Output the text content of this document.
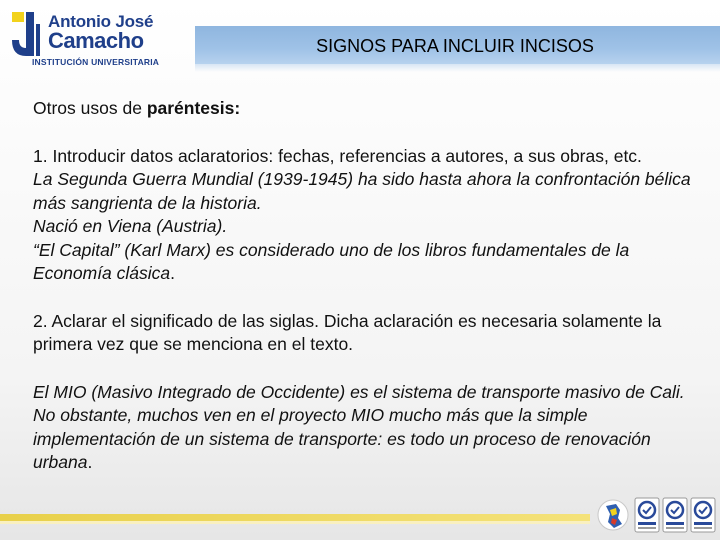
Antonio José
Camacho
INSTITUCIÓN UNIVERSITARIA
SIGNOS PARA INCLUIR INCISOS

Otros usos de paréntesis:

1. Introducir datos aclaratorios: fechas, referencias a autores, a sus obras, etc.

La Segunda Guerra Mundial (1939-1945) ha sido hasta ahora la confrontación bélica más sangrienta de la historia.

Nació en Viena (Austria).

“El Capital” (Karl Marx) es considerado uno de los libros fundamentales de la Economía clásica.

2. Aclarar el significado de las siglas. Dicha aclaración es necesaria solamente la primera vez que se menciona en el texto.

El MIO (Masivo Integrado de Occidente) es el sistema de transporte masivo de Cali. No obstante, muchos ven en el proyecto MIO mucho más que la simple implementación de un sistema de transporte: es todo un proceso de renovación urbana.
